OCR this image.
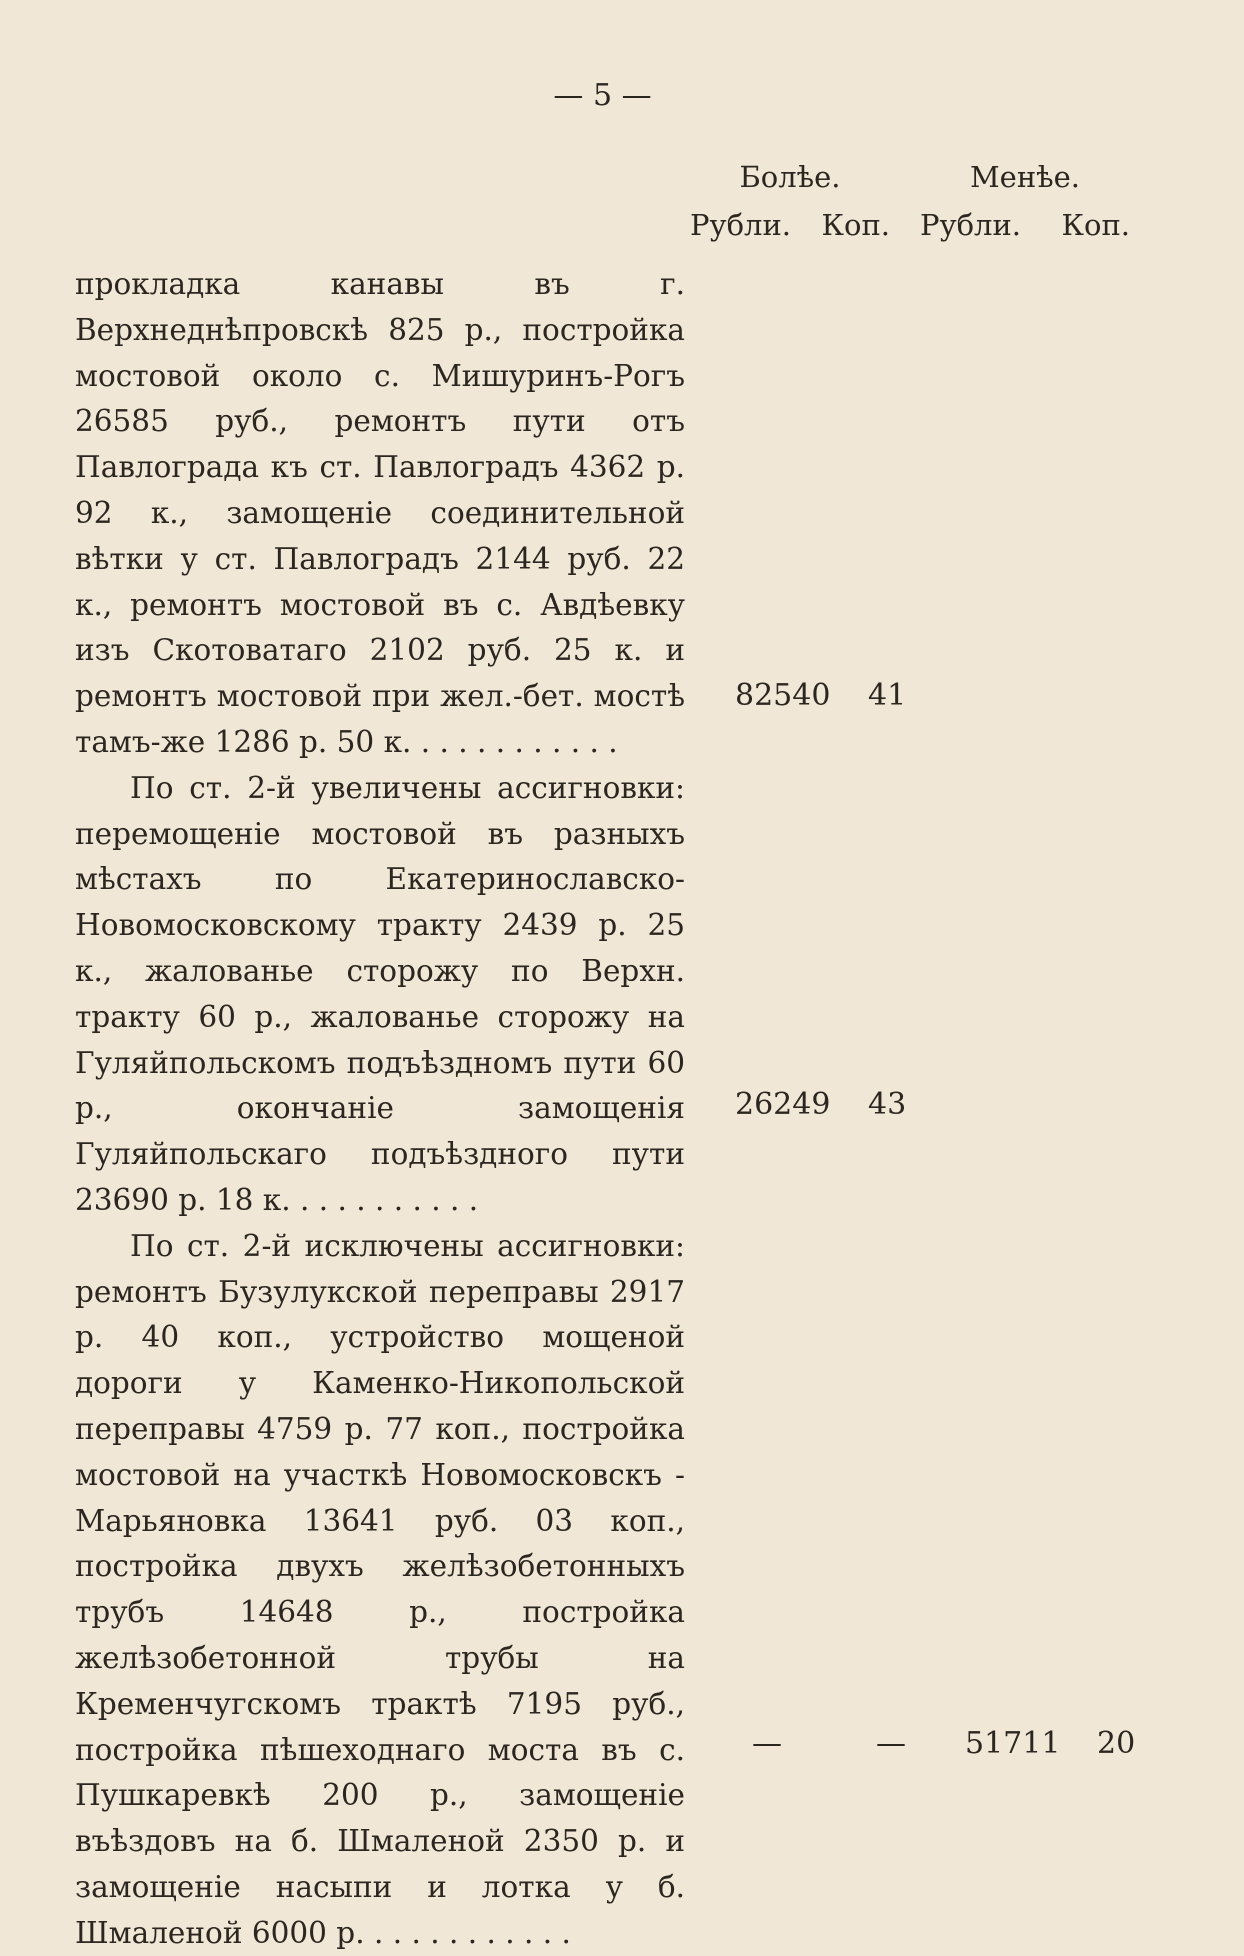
— 5 —
Болѣе.
Рубли. Коп.
Менѣе.
Рубли. Коп.

прокладка канавы въ г. Верхнеднѣпровскѣ 825 р., постройка мостовой около с. Мишуринъ-Рогъ 26585 руб., ремонтъ пути отъ Павлограда къ ст. Павлоградъ 4362 р. 92 к., замощеніе соединительной вѣтки у ст. Павлоградъ 2144 руб. 22 к., ремонтъ мостовой въ с. Авдѣевку изъ Скотоватаго 2102 руб. 25 к. и ремонтъ мостовой при жел.-бет. мостѣ тамъ-же 1286 р. 50 к. . . . . . . . . . . .

По ст. 2-й увеличены ассигновки: перемощеніе мостовой въ разныхъ мѣстахъ по Екатеринославско-Новомосковскому тракту 2439 р. 25 к., жалованье сторожу по Верхн. тракту 60 р., жалованье сторожу на Гуляйпольскомъ подъѣздномъ пути 60 р., окончаніе замощенія Гуляйпольскаго подъѣздного пути 23690 р. 18 к. . . . . . . . . . .

По ст. 2-й исключены ассигновки: ремонтъ Бузулукской переправы 2917 р. 40 коп., устройство мощеной дороги у Каменко-Никопольской переправы 4759 р. 77 коп., постройка мостовой на участкѣ Новомосковскъ - Марьяновка 13641 руб. 03 коп., постройка двухъ желѣзобетонныхъ трубъ 14648 р., постройка желѣзобетонной трубы на Кременчугскомъ трактѣ 7195 руб., постройка пѣшеходнаго моста въ с. Пушкаревкѣ 200 р., замощеніе въѣздовъ на б. Шмаленой 2350 р. и замощеніе насыпи и лотка у б. Шмаленой 6000 р. . . . . . . . . . . .

82540 41
26249 43
—	— 51711 20
